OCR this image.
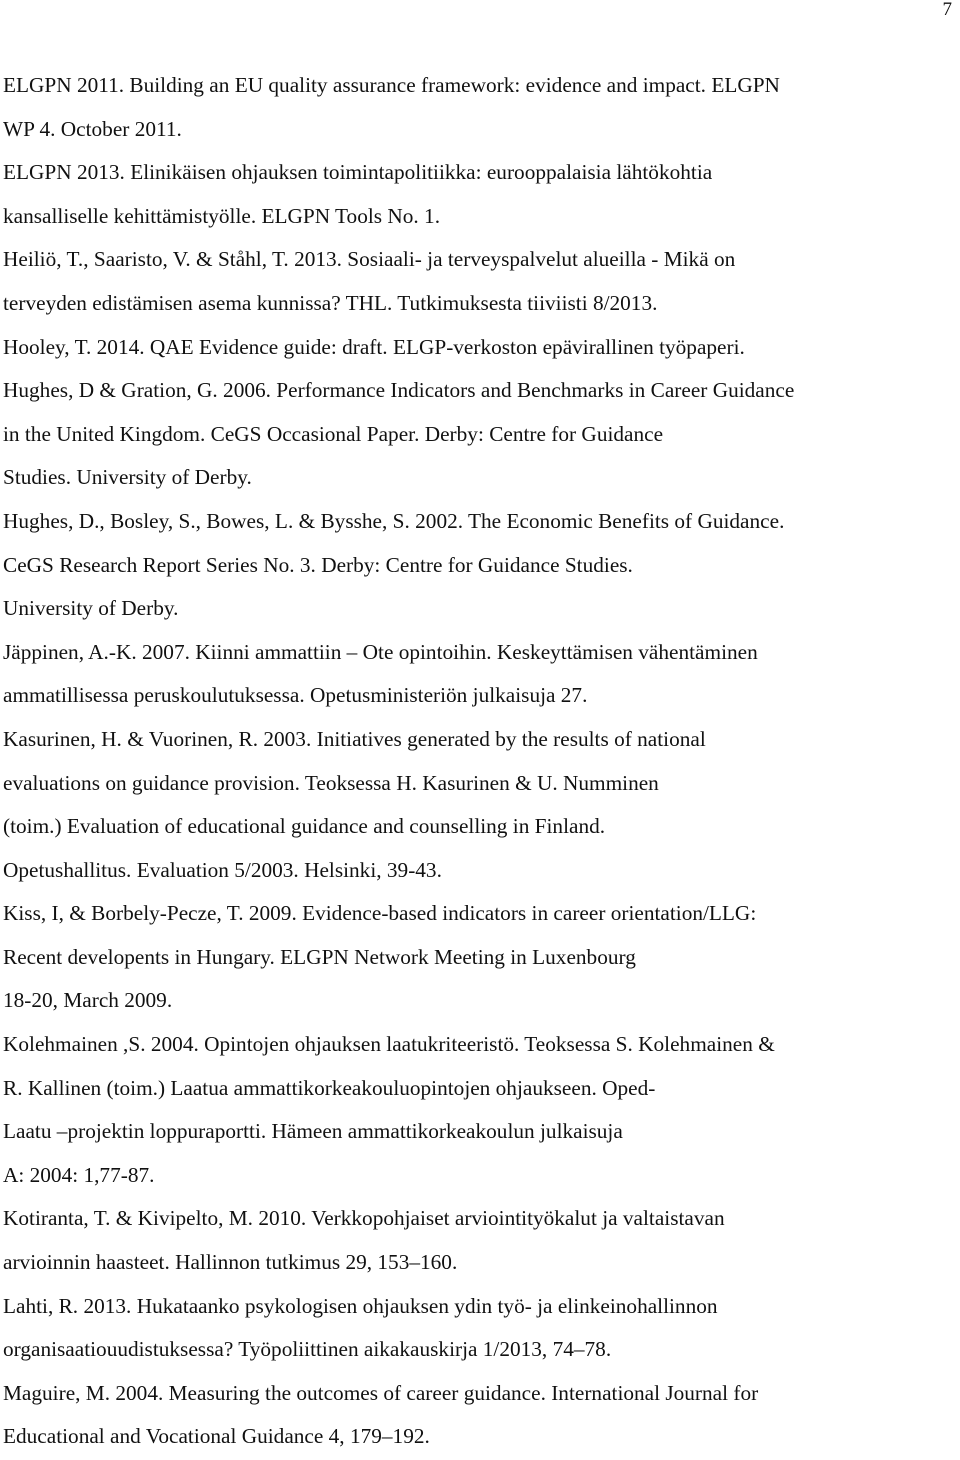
7

ELGPN 2011. Building an EU quality assurance framework: evidence and impact. ELGPN
WP 4. October 2011.

ELGPN 2013. Elinikäisen ohjauksen toimintapolitiikka: eurooppalaisia lähtökohtia
kansalliselle kehittämistyölle. ELGPN Tools No. 1.

Heiliö, T., Saaristo, V. & Ståhl, T. 2013. Sosiaali- ja terveyspalvelut alueilla - Mikä on
terveyden edistämisen asema kunnissa? THL. Tutkimuksesta tiiviisti 8/2013.

Hooley, T. 2014. QAE Evidence guide: draft. ELGP-verkoston epävirallinen työpaperi.

Hughes, D & Gration, G. 2006. Performance Indicators and Benchmarks in Career Guidance
in the United Kingdom. CeGS Occasional Paper. Derby: Centre for Guidance
Studies. University of Derby.

Hughes, D., Bosley, S., Bowes, L. & Bysshe, S. 2002. The Economic Benefits of Guidance.
CeGS Research Report Series No. 3. Derby: Centre for Guidance Studies.
University of Derby.

Jäppinen, A.-K. 2007. Kiinni ammattiin – Ote opintoihin. Keskeyttämisen vähentäminen
ammatillisessa peruskoulutuksessa. Opetusministeriön julkaisuja 27.

Kasurinen, H. & Vuorinen, R. 2003. Initiatives generated by the results of national
evaluations on guidance provision. Teoksessa H. Kasurinen & U. Numminen
(toim.) Evaluation of educational guidance and counselling in Finland.
Opetushallitus. Evaluation 5/2003. Helsinki, 39-43.

Kiss, I, & Borbely-Pecze, T. 2009. Evidence-based indicators in career orientation/LLG:
Recent developents in Hungary. ELGPN Network Meeting in Luxenbourg
18-20, March 2009.

Kolehmainen ,S. 2004. Opintojen ohjauksen laatukriteeristö. Teoksessa S. Kolehmainen &
R. Kallinen (toim.) Laatua ammattikorkeakouluopintojen ohjaukseen. Oped-
Laatu –projektin loppuraportti. Hämeen ammattikorkeakoulun julkaisuja
A: 2004: 1,77-87.

Kotiranta, T. & Kivipelto, M. 2010. Verkkopohjaiset arviointityökalut ja valtaistavan
arvioinnin haasteet. Hallinnon tutkimus 29, 153–160.

Lahti, R. 2013. Hukataanko psykologisen ohjauksen ydin työ- ja elinkeinohallinnon
organisaatiouudistuksessa? Työpoliittinen aikakauskirja 1/2013, 74–78.

Maguire, M. 2004. Measuring the outcomes of career guidance. International Journal for
Educational and Vocational Guidance 4, 179–192.
